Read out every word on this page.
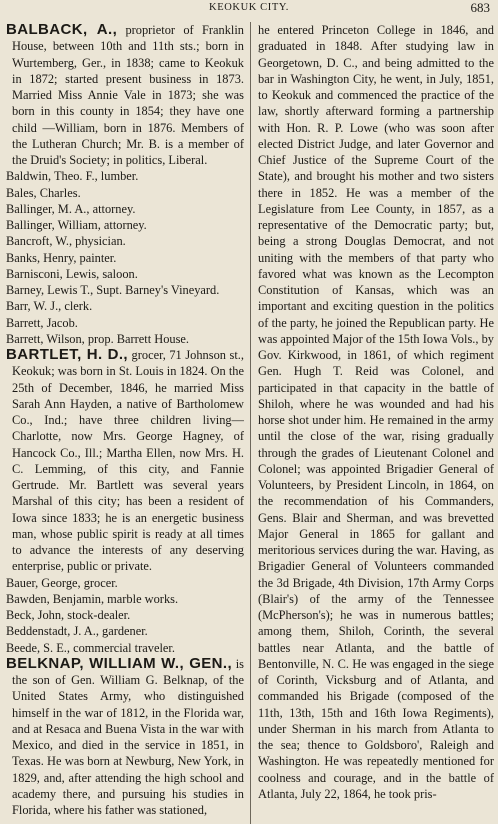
KEOKUK CITY.	683

BALBACK, A., proprietor of Franklin House, between 10th and 11th sts.; born in Wurtemberg, Ger., in 1838; came to Keokuk in 1872; started present business in 1873. Married Miss Annie Vale in 1873; she was born in this county in 1854; they have one child —William, born in 1876. Members of the Lutheran Church; Mr. B. is a member of the Druid's Society; in politics, Liberal.

Baldwin, Theo. F., lumber.

Bales, Charles.

Ballinger, M. A., attorney.

Ballinger, William, attorney.

Bancroft, W., physician.

Banks, Henry, painter.

Barnisconi, Lewis, saloon.

Barney, Lewis T., Supt. Barney's Vineyard.

Barr, W. J., clerk.

Barrett, Jacob.

Barrett, Wilson, prop. Barrett House.

BARTLET, H. D., grocer, 71 Johnson st., Keokuk; was born in St. Louis in 1824. On the 25th of December, 1846, he married Miss Sarah Ann Hayden, a native of Bartholomew Co., Ind.; have three children living—Charlotte, now Mrs. George Hagney, of Hancock Co., Ill.; Martha Ellen, now Mrs. H. C. Lemming, of this city, and Fannie Gertrude. Mr. Bartlett was several years Marshal of this city; has been a resident of Iowa since 1833; he is an energetic business man, whose public spirit is ready at all times to advance the interests of any deserving enterprise, public or private.

Bauer, George, grocer.

Bawden, Benjamin, marble works.

Beck, John, stock-dealer.

Beddenstadt, J. A., gardener.

Beede, S. E., commercial traveler.

BELKNAP, WILLIAM W., GEN., is the son of Gen. William G. Belknap, of the United States Army, who distinguished himself in the war of 1812, in the Florida war, and at Resaca and Buena Vista in the war with Mexico, and died in the service in 1851, in Texas. He was born at Newburg, New York, in 1829, and, after attending the high school and academy there, and pursuing his studies in Florida, where his father was stationed,

he entered Princeton College in 1846, and graduated in 1848. After studying law in Georgetown, D. C., and being admitted to the bar in Washington City, he went, in July, 1851, to Keokuk and commenced the practice of the law, shortly afterward forming a partnership with Hon. R. P. Lowe (who was soon after elected District Judge, and later Governor and Chief Justice of the Supreme Court of the State), and brought his mother and two sisters there in 1852. He was a member of the Legislature from Lee County, in 1857, as a representative of the Democratic party; but, being a strong Douglas Democrat, and not uniting with the members of that party who favored what was known as the Lecompton Constitution of Kansas, which was an important and exciting question in the politics of the party, he joined the Republican party. He was appointed Major of the 15th Iowa Vols., by Gov. Kirkwood, in 1861, of which regiment Gen. Hugh T. Reid was Colonel, and participated in that capacity in the battle of Shiloh, where he was wounded and had his horse shot under him. He remained in the army until the close of the war, rising gradually through the grades of Lieutenant Colonel and Colonel; was appointed Brigadier General of Volunteers, by President Lincoln, in 1864, on the recommendation of his Commanders, Gens. Blair and Sherman, and was brevetted Major General in 1865 for gallant and meritorious services during the war. Having, as Brigadier General of Volunteers commanded the 3d Brigade, 4th Division, 17th Army Corps (Blair's) of the army of the Tennessee (McPherson's); he was in numerous battles; among them, Shiloh, Corinth, the several battles near Atlanta, and the battle of Bentonville, N. C. He was engaged in the siege of Corinth, Vicksburg and of Atlanta, and commanded his Brigade (composed of the 11th, 13th, 15th and 16th Iowa Regiments), under Sherman in his march from Atlanta to the sea; thence to Goldsboro', Raleigh and Washington. He was repeatedly mentioned for coolness and courage, and in the battle of Atlanta, July 22, 1864, he took pris-
